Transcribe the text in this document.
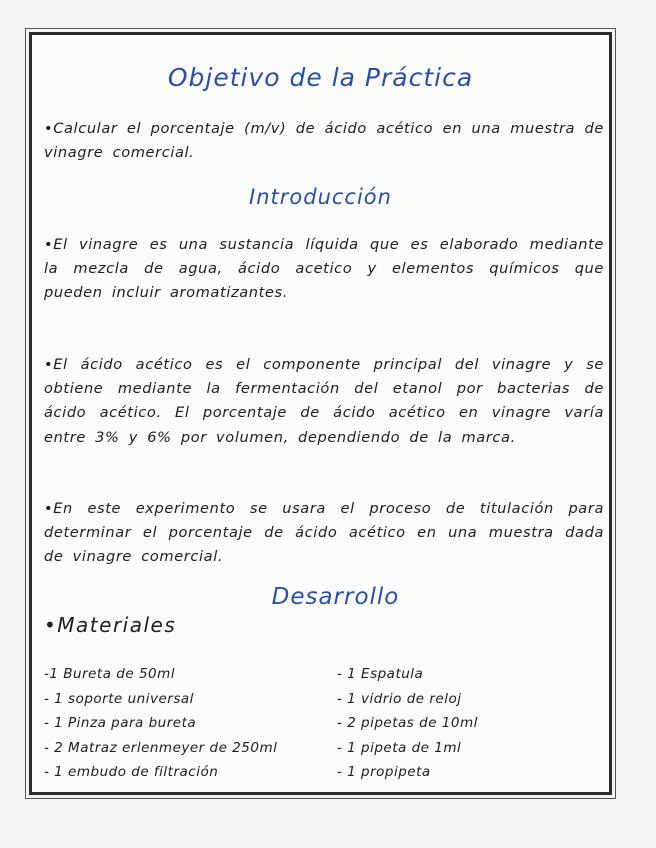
Objetivo de la Práctica
•Calcular el porcentaje (m/v) de ácido acético en una muestra de vinagre comercial.
Introducción
•El vinagre es una sustancia líquida que es elaborado mediante la mezcla de agua, ácido acetico y elementos químicos que pueden incluir aromatizantes.
•El ácido acético es el componente principal del vinagre y se obtiene mediante la fermentación del etanol por bacterias de ácido acético. El porcentaje de ácido acético en vinagre varía entre 3% y 6% por volumen, dependiendo de la marca.
•En este experimento se usara el proceso de titulación para determinar el porcentaje de ácido acético en una muestra dada de vinagre comercial.
Desarrollo
•Materiales
-1 Bureta de 50ml
- 1 soporte universal
- 1 Pinza para bureta
- 2 Matraz erlenmeyer de 250ml
- 1 embudo de filtración
- 1 Espatula
- 1 vidrio de reloj
- 2 pipetas de 10ml
- 1 pipeta de 1ml
- 1 propipeta
